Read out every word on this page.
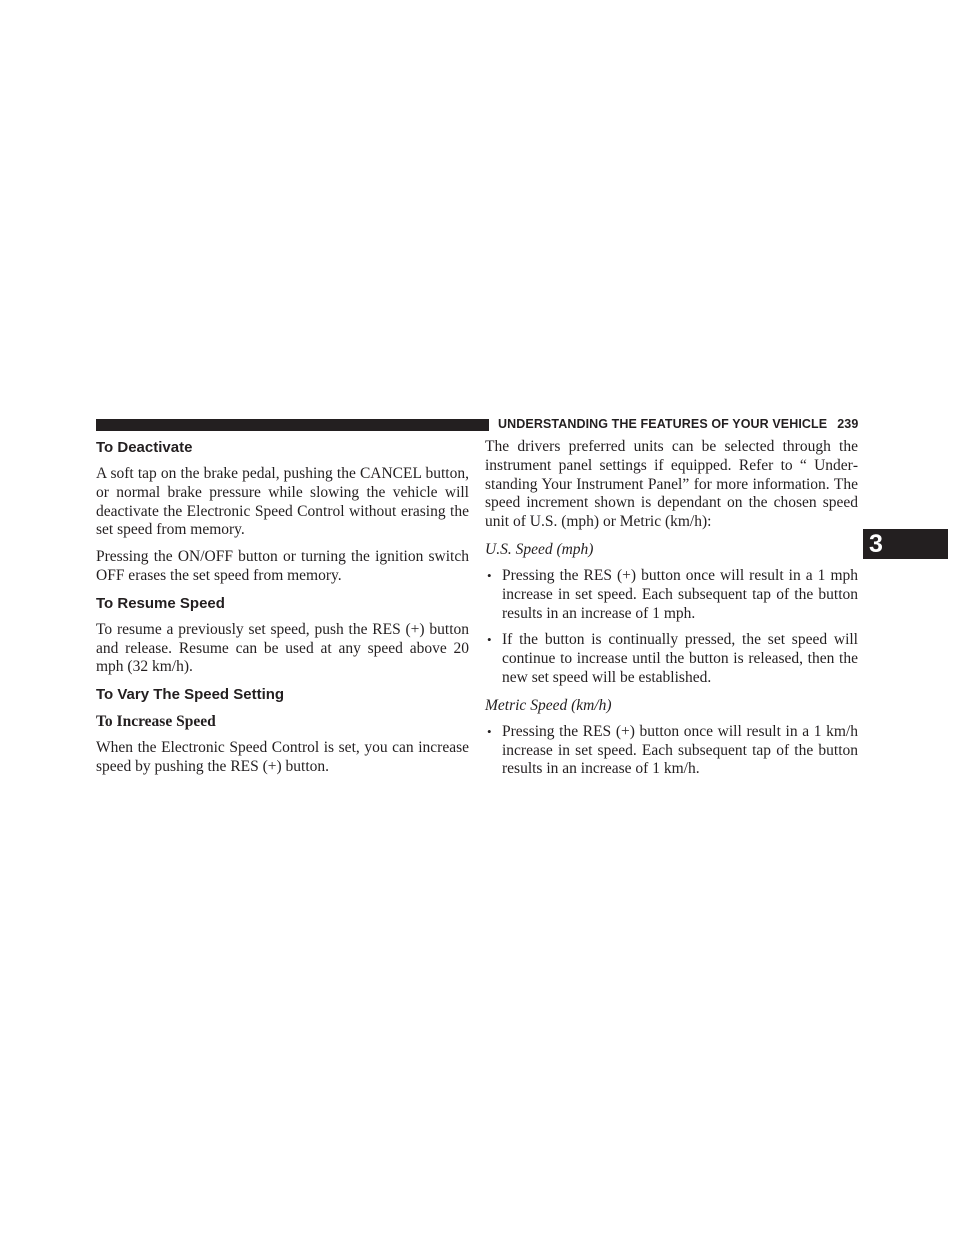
UNDERSTANDING THE FEATURES OF YOUR VEHICLE 239
3
To Deactivate

A soft tap on the brake pedal, pushing the CANCEL button, or normal brake pressure while slowing the vehicle will deactivate the Electronic Speed Control without erasing the set speed from memory.

Pressing the ON/OFF button or turning the ignition switch OFF erases the set speed from memory.

To Resume Speed

To resume a previously set speed, push the RES (+) button and release. Resume can be used at any speed above 20 mph (32 km/h).

To Vary The Speed Setting
To Increase Speed

When the Electronic Speed Control is set, you can increase speed by pushing the RES (+) button.

The drivers preferred units can be selected through the instrument panel settings if equipped. Refer to “ Understanding Your Instrument Panel” for more information. The speed increment shown is dependant on the chosen speed unit of U.S. (mph) or Metric (km/h):

U.S. Speed (mph)
• Pressing the RES (+) button once will result in a 1 mph increase in set speed. Each subsequent tap of the button results in an increase of 1 mph.
• If the button is continually pressed, the set speed will continue to increase until the button is released, then the new set speed will be established.
Metric Speed (km/h)
• Pressing the RES (+) button once will result in a 1 km/h increase in set speed. Each subsequent tap of the button results in an increase of 1 km/h.
